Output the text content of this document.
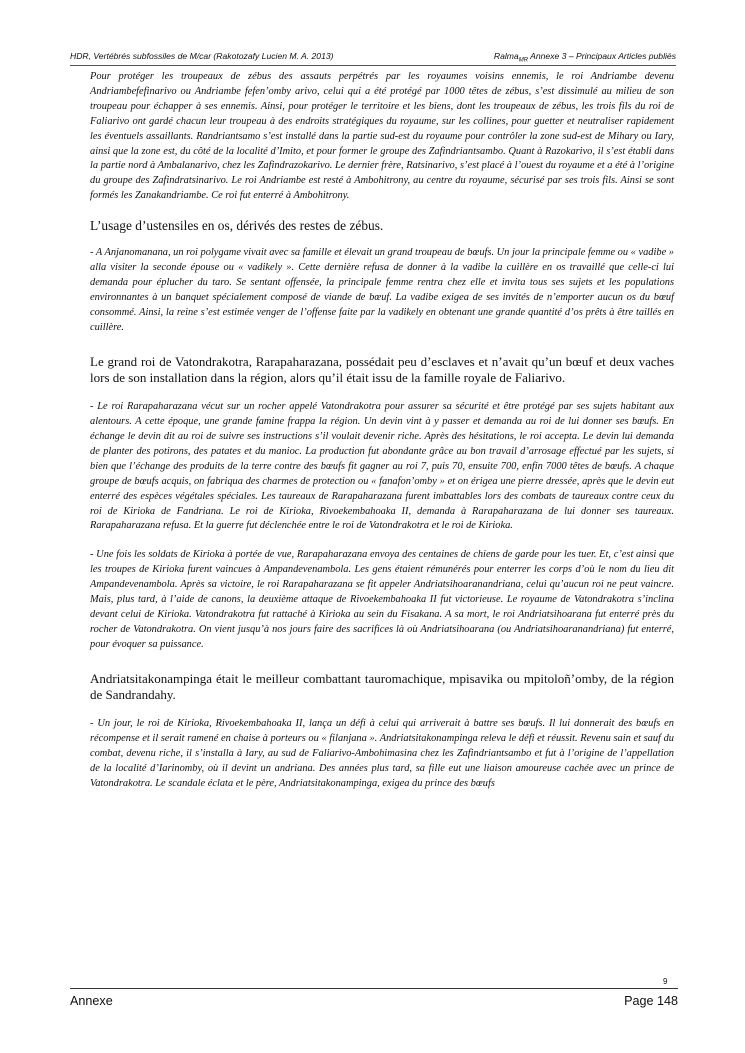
HDR, Vertébrés subfossiles de M/car (Rakotozafy Lucien M. A. 2013)	Ralma$_{MR}$ Annexe 3 – Principaux Articles publiés

Pour protéger les troupeaux de zébus des assauts perpétrés par les royaumes voisins ennemis, le roi Andriambe devenu Andriambefefinarivo ou Andriambe fefen’omby arivo, celui qui a été protégé par 1000 têtes de zébus, s’est dissimulé au milieu de son troupeau pour échapper à ses ennemis. Ainsi, pour protéger le territoire et les biens, dont les troupeaux de zébus, les trois fils du roi de Faliarivo ont gardé chacun leur troupeau à des endroits stratégiques du royaume, sur les collines, pour guetter et neutraliser rapidement les éventuels assaillants. Randriantsamo s’est installé dans la partie sud-est du royaume pour contrôler la zone sud-est de Mihary ou Iary, ainsi que la zone est, du côté de la localité d’Imito, et pour former le groupe des Zafindriantsambo. Quant à Razokarivo, il s’est établi dans la partie nord à Ambalanarivo, chez les Zafindrazokarivo. Le dernier frère, Ratsinarivo, s’est placé à l’ouest du royaume et a été à l’origine du groupe des Zafindratsinarivo. Le roi Andriambe est resté à Ambohitrony, au centre du royaume, sécurisé par ses trois fils. Ainsi se sont formés les Zanakandriambe. Ce roi fut enterré à Ambohitrony.

L’usage d’ustensiles en os, dérivés des restes de zébus.

- A Anjanomanana, un roi polygame vivait avec sa famille et élevait un grand troupeau de bœufs. Un jour la principale femme ou « vadibe » alla visiter la seconde épouse ou « vadikely ». Cette dernière refusa de donner à la vadibe la cuillère en os travaillé que celle-ci lui demanda pour éplucher du taro. Se sentant offensée, la principale femme rentra chez elle et invita tous ses sujets et les populations environnantes à un banquet spécialement composé de viande de bœuf. La vadibe exigea de ses invités de n’emporter aucun os du bœuf consommé. Ainsi, la reine s’est estimée venger de l’offense faite par la vadikely en obtenant une grande quantité d’os prêts à être taillés en cuillère.

Le grand roi de Vatondrakotra, Rarapaharazana, possédait peu d’esclaves et n’avait qu’un bœuf et deux vaches lors de son installation dans la région, alors qu’il était issu de la famille royale de Faliarivo.

- Le roi Rarapaharazana vécut sur un rocher appelé Vatondrakotra pour assurer sa sécurité et être protégé par ses sujets habitant aux alentours. A cette époque, une grande famine frappa la région. Un devin vint à y passer et demanda au roi de lui donner ses bœufs. En échange le devin dit au roi de suivre ses instructions s’il voulait devenir riche. Après des hésitations, le roi accepta. Le devin lui demanda de planter des potirons, des patates et du manioc. La production fut abondante grâce au bon travail d’arrosage effectué par les sujets, si bien que l’échange des produits de la terre contre des bœufs fit gagner au roi 7, puis 70, ensuite 700, enfin 7000 têtes de bœufs. A chaque groupe de bœufs acquis, on fabriqua des charmes de protection ou « fanafon’omby » et on érigea une pierre dressée, après que le devin eut enterré des espèces végétales spéciales. Les taureaux de Rarapaharazana furent imbattables lors des combats de taureaux contre ceux du roi de Kirioka de Fandriana. Le roi de Kirioka, Rivoekembahoaka II, demanda à Rarapaharazana de lui donner ses taureaux. Rarapaharazana refusa. Et la guerre fut déclenchée entre le roi de Vatondrakotra et le roi de Kirioka.

- Une fois les soldats de Kirioka à portée de vue, Rarapaharazana envoya des centaines de chiens de garde pour les tuer. Et, c’est ainsi que les troupes de Kirioka furent vaincues à Ampandevenambola. Les gens étaient rémunérés pour enterrer les corps d’où le nom du lieu dit Ampandevenambola. Après sa victoire, le roi Rarapaharazana se fit appeler Andriatsihoaranandriana, celui qu’aucun roi ne peut vaincre. Mais, plus tard, à l’aide de canons, la deuxième attaque de Rivoekembahoaka II fut victorieuse. Le royaume de Vatondrakotra s’inclina devant celui de Kirioka. Vatondrakotra fut rattaché à Kirioka au sein du Fisakana. A sa mort, le roi Andriatsihoarana fut enterré près du rocher de Vatondrakotra. On vient jusqu’à nos jours faire des sacrifices là où Andriatsihoarana (ou Andriatsihoaranandriana) fut enterré, pour évoquer sa puissance.

Andriatsitakonampinga était le meilleur combattant tauromachique, mpisavika ou mpitoloñ’omby, de la région de Sandrandahy.

- Un jour, le roi de Kirioka, Rivoekembahoaka II, lança un défi à celui qui arriverait à battre ses bœufs. Il lui donnerait des bœufs en récompense et il serait ramené en chaise à porteurs ou « filanjana ». Andriatsitakonampinga releva le défi et réussit. Revenu sain et sauf du combat, devenu riche, il s’installa à Iary, au sud de Faliarivo-Ambohimasina chez les Zafindriantsambo et fut à l’origine de l’appellation de la localité d’Iarinomby, où il devint un andriana. Des années plus tard, sa fille eut une liaison amoureuse cachée avec un prince de Vatondrakotra. Le scandale éclata et le père, Andriatsitakonampinga, exigea du prince des bœufs

9
Annexe	Page 148
